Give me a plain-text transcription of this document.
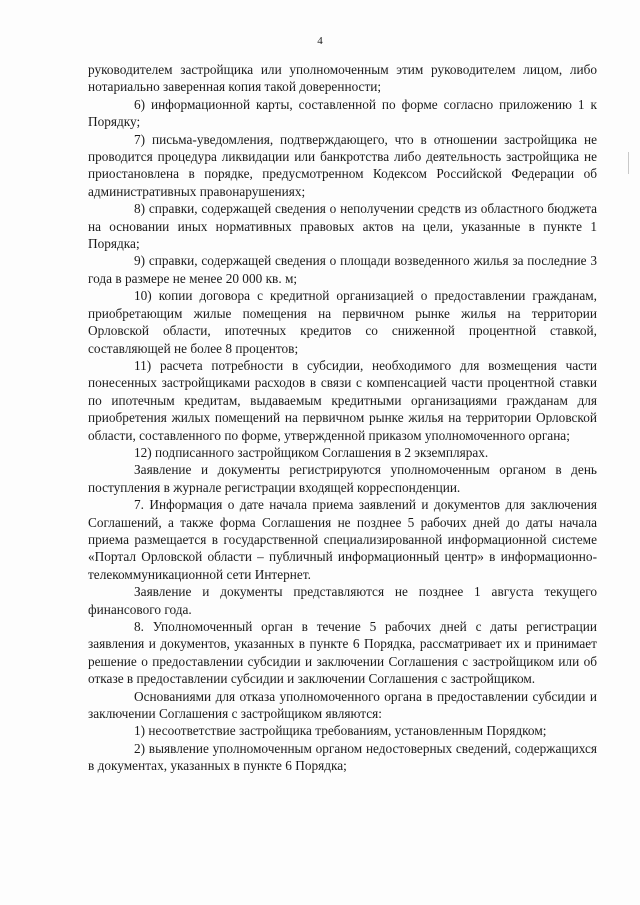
4

руководителем застройщика или уполномоченным этим руководителем лицом, либо нотариально заверенная копия такой доверенности;

6) информационной карты, составленной по форме согласно приложению 1 к Порядку;

7) письма-уведомления, подтверждающего, что в отношении застройщика не проводится процедура ликвидации или банкротства либо деятельность застройщика не приостановлена в порядке, предусмотренном Кодексом Российской Федерации об административных правонарушениях;

8) справки, содержащей сведения о неполучении средств из областного бюджета на основании иных нормативных правовых актов на цели, указанные в пункте 1 Порядка;

9) справки, содержащей сведения о площади возведенного жилья за последние 3 года в размере не менее 20 000 кв. м;

10) копии договора с кредитной организацией о предоставлении гражданам, приобретающим жилые помещения на первичном рынке жилья на территории Орловской области, ипотечных кредитов со сниженной процентной ставкой, составляющей не более 8 процентов;

11) расчета потребности в субсидии, необходимого для возмещения части понесенных застройщиками расходов в связи с компенсацией части процентной ставки по ипотечным кредитам, выдаваемым кредитными организациями гражданам для приобретения жилых помещений на первичном рынке жилья на территории Орловской области, составленного по форме, утвержденной приказом уполномоченного органа;

12) подписанного застройщиком Соглашения в 2 экземплярах.

Заявление и документы регистрируются уполномоченным органом в день поступления в журнале регистрации входящей корреспонденции.

7. Информация о дате начала приема заявлений и документов для заключения Соглашений, а также форма Соглашения не позднее 5 рабочих дней до даты начала приема размещается в государственной специализированной информационной системе «Портал Орловской области – публичный информационный центр» в информационно-телекоммуникационной сети Интернет.

Заявление и документы представляются не позднее 1 августа текущего финансового года.

8. Уполномоченный орган в течение 5 рабочих дней с даты регистрации заявления и документов, указанных в пункте 6 Порядка, рассматривает их и принимает решение о предоставлении субсидии и заключении Соглашения с застройщиком или об отказе в предоставлении субсидии и заключении Соглашения с застройщиком.

Основаниями для отказа уполномоченного органа в предоставлении субсидии и заключении Соглашения с застройщиком являются:

1) несоответствие застройщика требованиям, установленным Порядком;

2) выявление уполномоченным органом недостоверных сведений, содержащихся в документах, указанных в пункте 6 Порядка;
